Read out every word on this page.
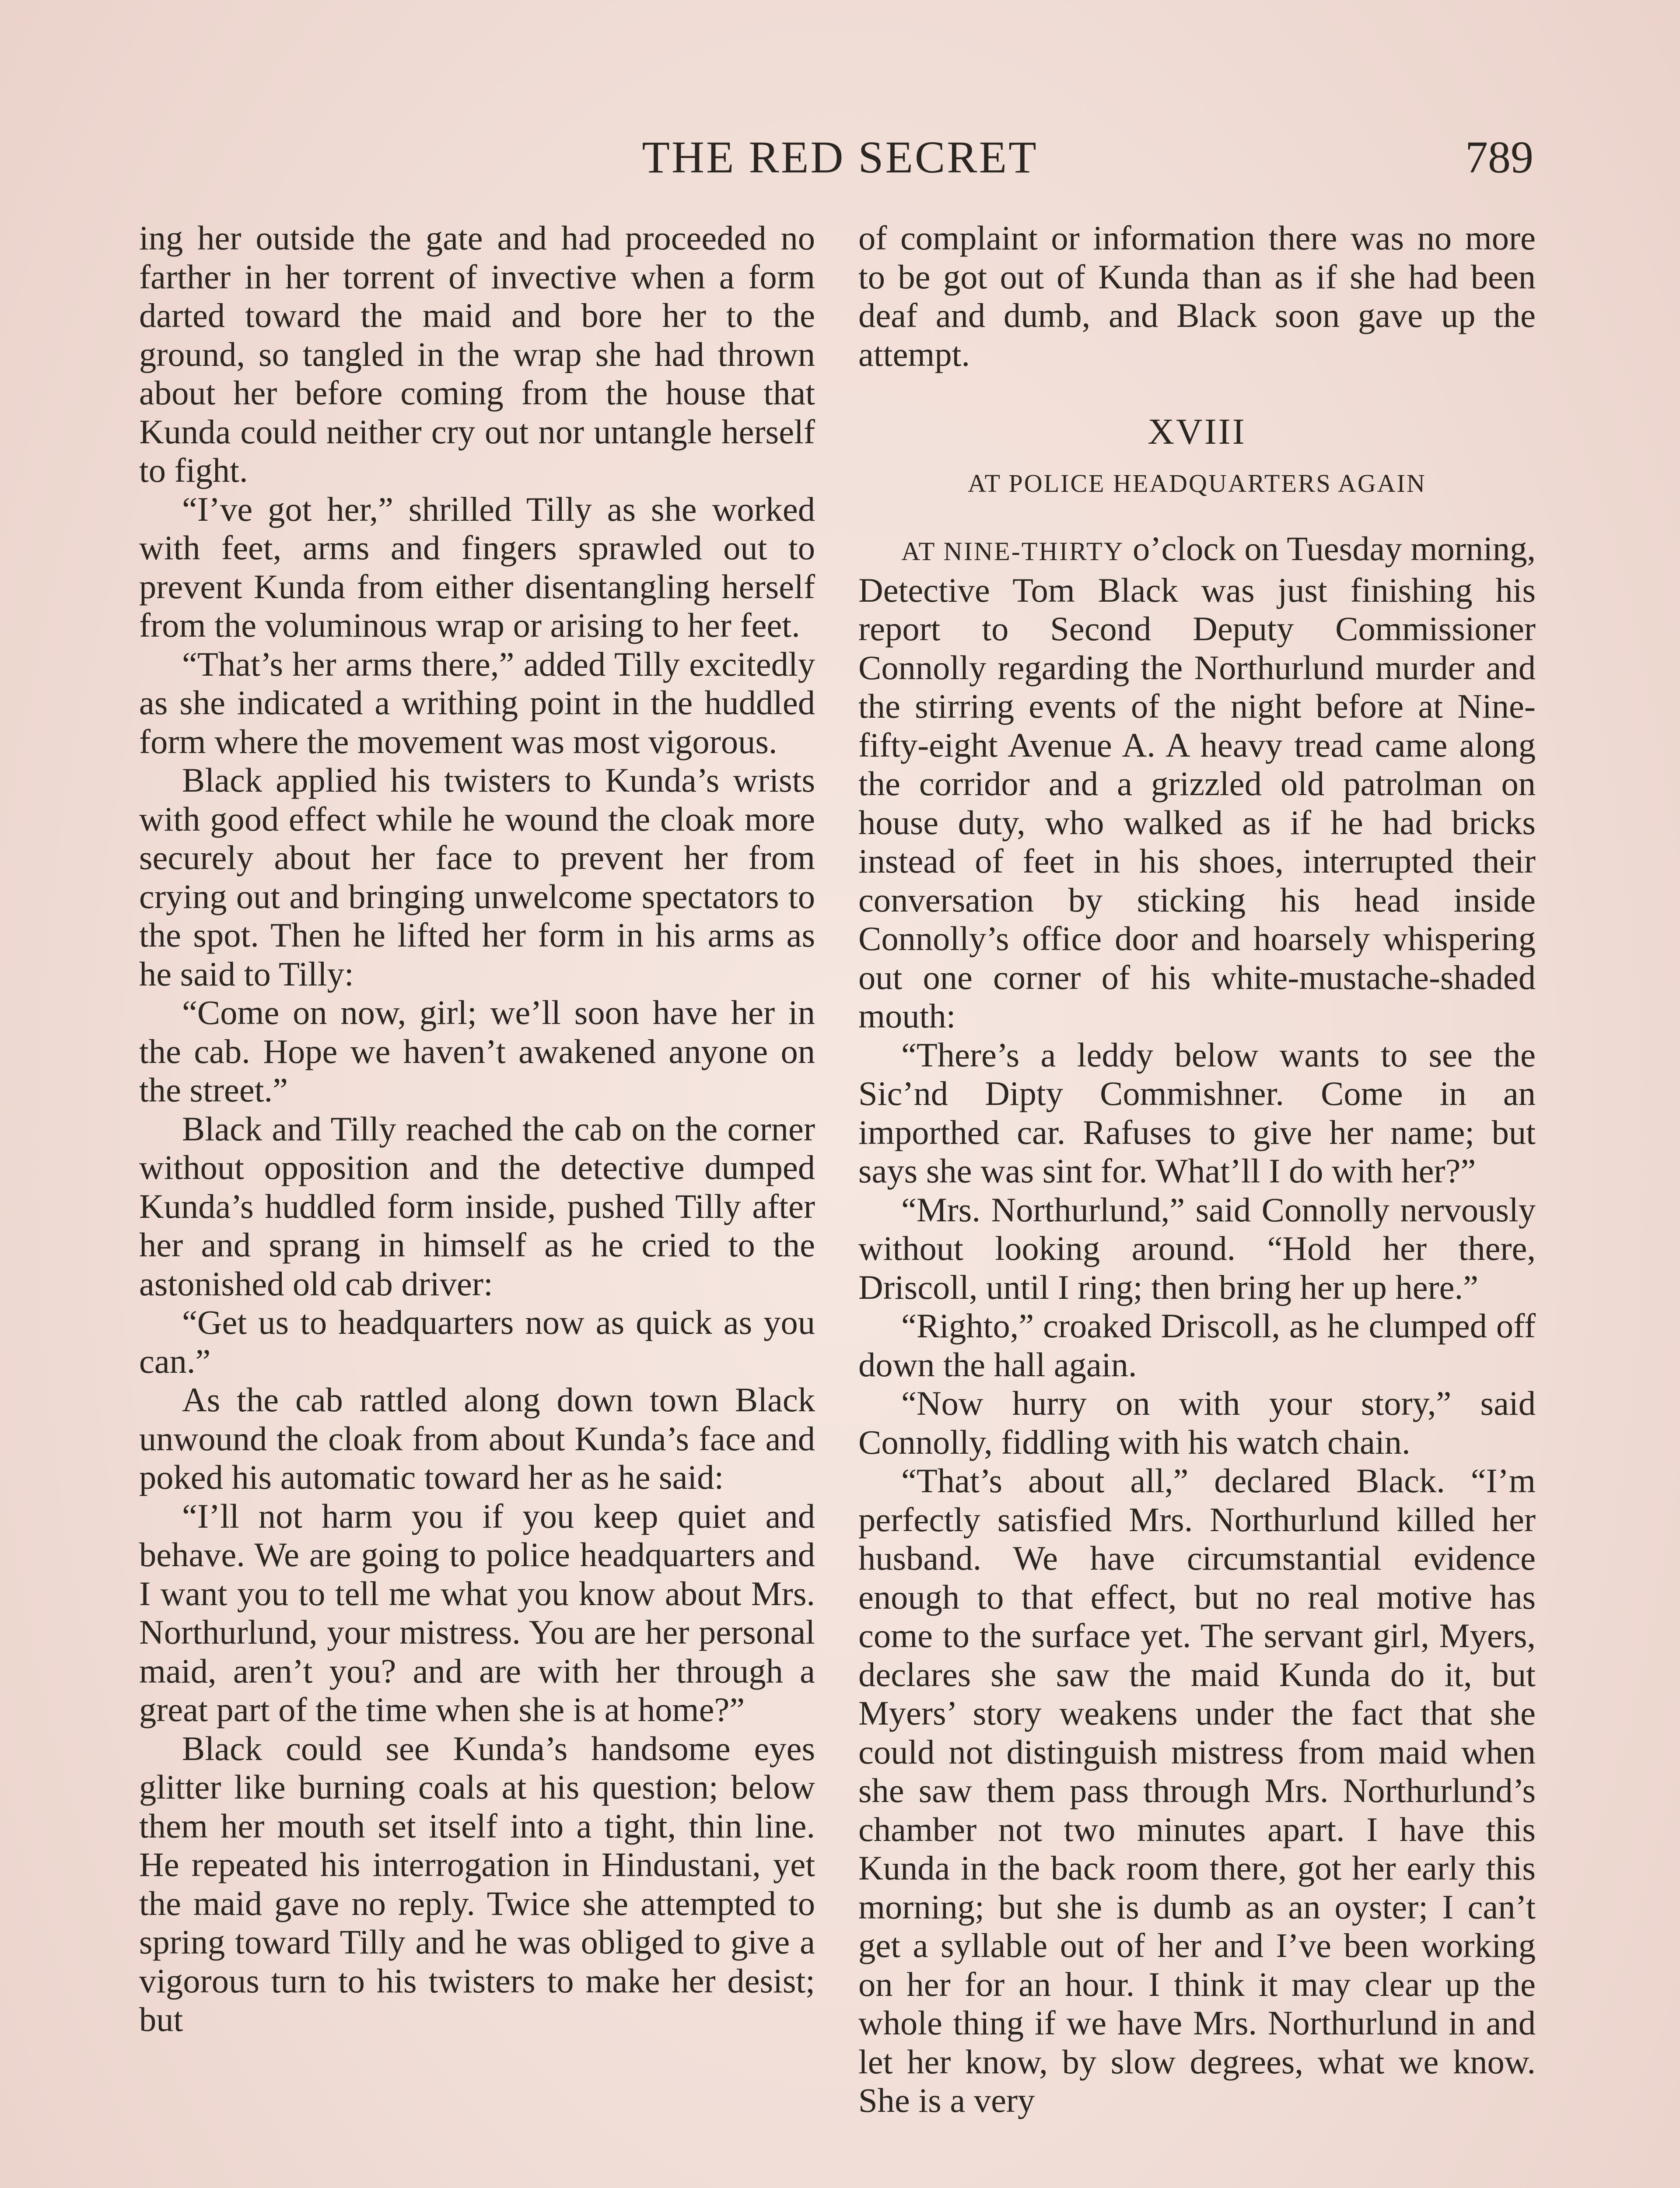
THE RED SECRET	789

ing her outside the gate and had proceeded no farther in her torrent of invective when a form darted toward the maid and bore her to the ground, so tangled in the wrap she had thrown about her before coming from the house that Kunda could neither cry out nor untangle herself to fight.

“I’ve got her,” shrilled Tilly as she worked with feet, arms and fingers sprawled out to prevent Kunda from either disentangling herself from the voluminous wrap or arising to her feet.

“That’s her arms there,” added Tilly excitedly as she indicated a writhing point in the huddled form where the movement was most vigorous.

Black applied his twisters to Kunda’s wrists with good effect while he wound the cloak more securely about her face to prevent her from crying out and bringing unwelcome spectators to the spot. Then he lifted her form in his arms as he said to Tilly:

“Come on now, girl; we’ll soon have her in the cab. Hope we haven’t awakened anyone on the street.”

Black and Tilly reached the cab on the corner without opposition and the detective dumped Kunda’s huddled form inside, pushed Tilly after her and sprang in himself as he cried to the astonished old cab driver:

“Get us to headquarters now as quick as you can.”

As the cab rattled along down town Black unwound the cloak from about Kunda’s face and poked his automatic toward her as he said:

“I’ll not harm you if you keep quiet and behave. We are going to police headquarters and I want you to tell me what you know about Mrs. Northurlund, your mistress. You are her personal maid, aren’t you? and are with her through a great part of the time when she is at home?”

Black could see Kunda’s handsome eyes glitter like burning coals at his question; below them her mouth set itself into a tight, thin line. He repeated his interrogation in Hindustani, yet the maid gave no reply. Twice she attempted to spring toward Tilly and he was obliged to give a vigorous turn to his twisters to make her desist; but

of complaint or information there was no more to be got out of Kunda than as if she had been deaf and dumb, and Black soon gave up the attempt.

XVIII
AT POLICE HEADQUARTERS AGAIN

AT NINE-THIRTY o’clock on Tuesday morning, Detective Tom Black was just finishing his report to Second Deputy Commissioner Connolly regarding the Northurlund murder and the stirring events of the night before at Nine-fifty-eight Avenue A. A heavy tread came along the corridor and a grizzled old patrolman on house duty, who walked as if he had bricks instead of feet in his shoes, interrupted their conversation by sticking his head inside Connolly’s office door and hoarsely whispering out one corner of his white-mustache-shaded mouth:

“There’s a leddy below wants to see the Sic’nd Dipty Commishner. Come in an importhed car. Rafuses to give her name; but says she was sint for. What’ll I do with her?”

“Mrs. Northurlund,” said Connolly nervously without looking around. “Hold her there, Driscoll, until I ring; then bring her up here.”

“Righto,” croaked Driscoll, as he clumped off down the hall again.

“Now hurry on with your story,” said Connolly, fiddling with his watch chain.

“That’s about all,” declared Black. “I’m perfectly satisfied Mrs. Northurlund killed her husband. We have circumstantial evidence enough to that effect, but no real motive has come to the surface yet. The servant girl, Myers, declares she saw the maid Kunda do it, but Myers’ story weakens under the fact that she could not distinguish mistress from maid when she saw them pass through Mrs. Northurlund’s chamber not two minutes apart. I have this Kunda in the back room there, got her early this morning; but she is dumb as an oyster; I can’t get a syllable out of her and I’ve been working on her for an hour. I think it may clear up the whole thing if we have Mrs. Northurlund in and let her know, by slow degrees, what we know. She is a very
